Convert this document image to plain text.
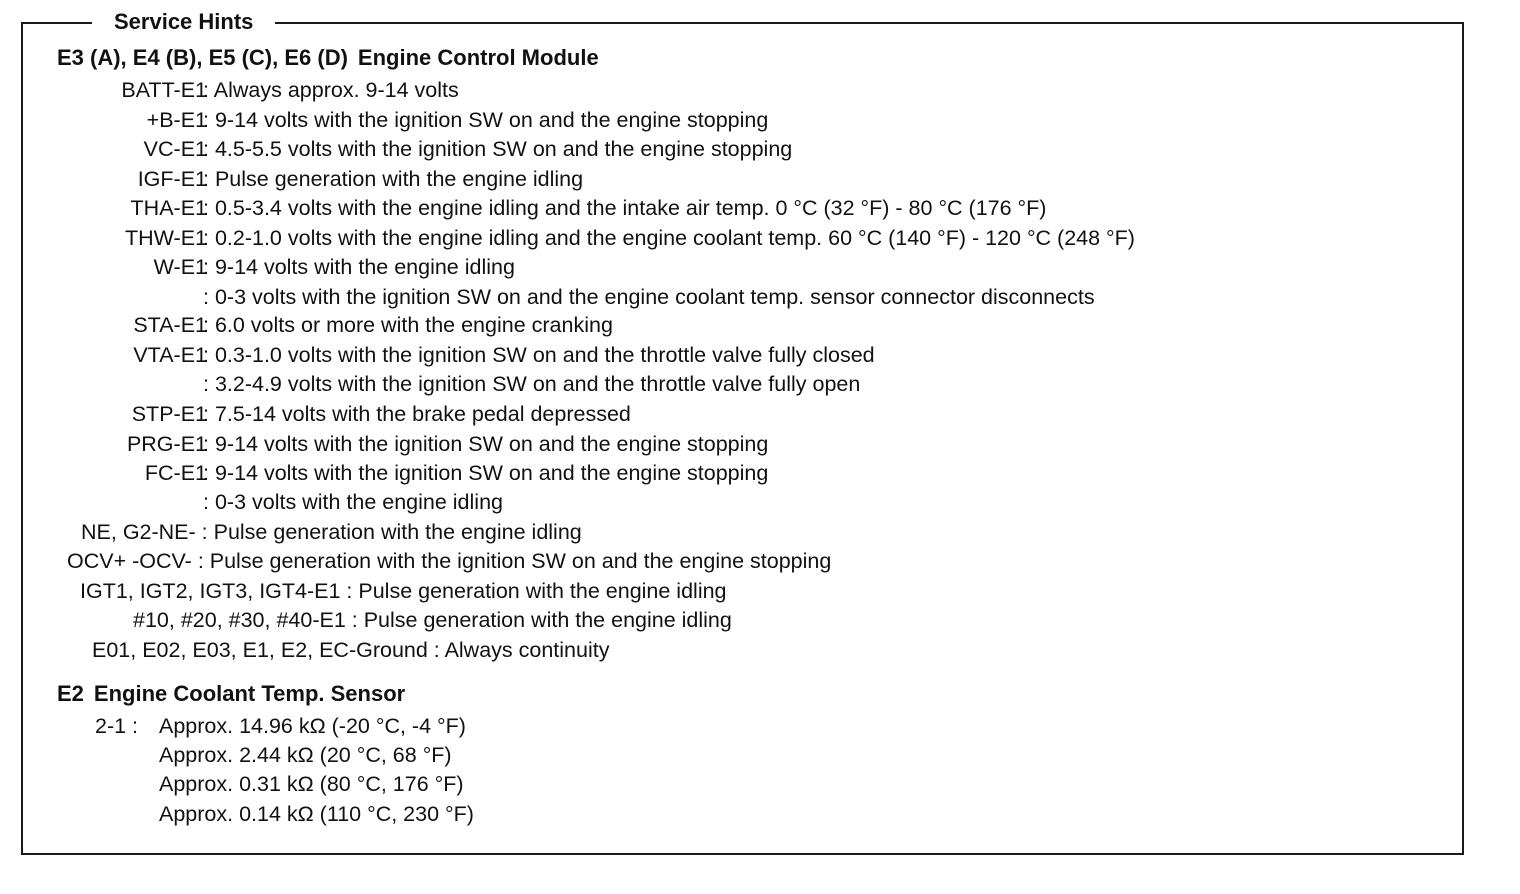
Service Hints
E3 (A), E4 (B), E5 (C), E6 (D) Engine Control Module
BATT-E1
: Always approx. 9-14 volts
+B-E1
: 9-14 volts with the ignition SW on and the engine stopping
VC-E1
: 4.5-5.5 volts with the ignition SW on and the engine stopping
IGF-E1
: Pulse generation with the engine idling
THA-E1
: 0.5-3.4 volts with the engine idling and the intake air temp. 0 °C (32 °F) - 80 °C (176 °F)
THW-E1
: 0.2-1.0 volts with the engine idling and the engine coolant temp. 60 °C (140 °F) - 120 °C (248 °F)
W-E1
: 9-14 volts with the engine idling
: 0-3 volts with the ignition SW on and the engine coolant temp. sensor connector disconnects
STA-E1
: 6.0 volts or more with the engine cranking
VTA-E1
: 0.3-1.0 volts with the ignition SW on and the throttle valve fully closed
: 3.2-4.9 volts with the ignition SW on and the throttle valve fully open
STP-E1
: 7.5-14 volts with the brake pedal depressed
PRG-E1
: 9-14 volts with the ignition SW on and the engine stopping
FC-E1
: 9-14 volts with the ignition SW on and the engine stopping
: 0-3 volts with the engine idling
NE, G2-NE- : Pulse generation with the engine idling
OCV+ -OCV- : Pulse generation with the ignition SW on and the engine stopping
IGT1, IGT2, IGT3, IGT4-E1 : Pulse generation with the engine idling
#10, #20, #30, #40-E1 : Pulse generation with the engine idling
E01, E02, E03, E1, E2, EC-Ground : Always continuity
E2 Engine Coolant Temp. Sensor
2-1 : Approx. 14.96 kΩ (-20 °C, -4 °F)
Approx. 2.44 kΩ (20 °C, 68 °F)
Approx. 0.31 kΩ (80 °C, 176 °F)
Approx. 0.14 kΩ (110 °C, 230 °F)
